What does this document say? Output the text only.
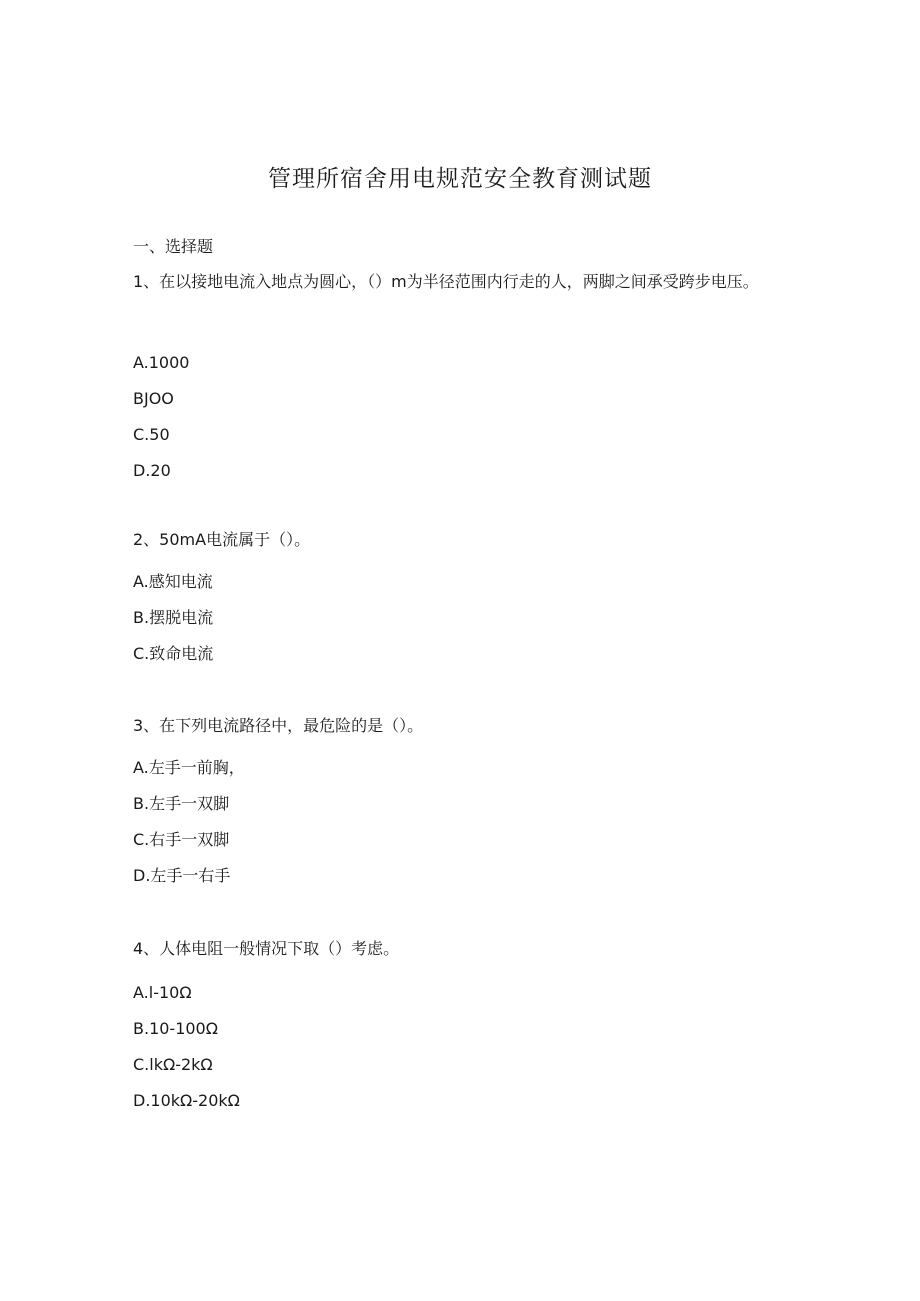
管理所宿舍用电规范安全教育测试题
一、选择题
1、在以接地电流入地点为圆心，（）m为半径范围内行走的人，两脚之间承受跨步电压。
A.1000
BJOO
C.50
D.20
2、50mA电流属于（）。
A.感知电流
B.摆脱电流
C.致命电流
3、在下列电流路径中，最危险的是（）。
A.左手一前胸，
B.左手一双脚
C.右手一双脚
D.左手一右手
4、人体电阻一般情况下取（）考虑。
A.l-10Ω
B.10-100Ω
C.lkΩ-2kΩ
D.10kΩ-20kΩ
